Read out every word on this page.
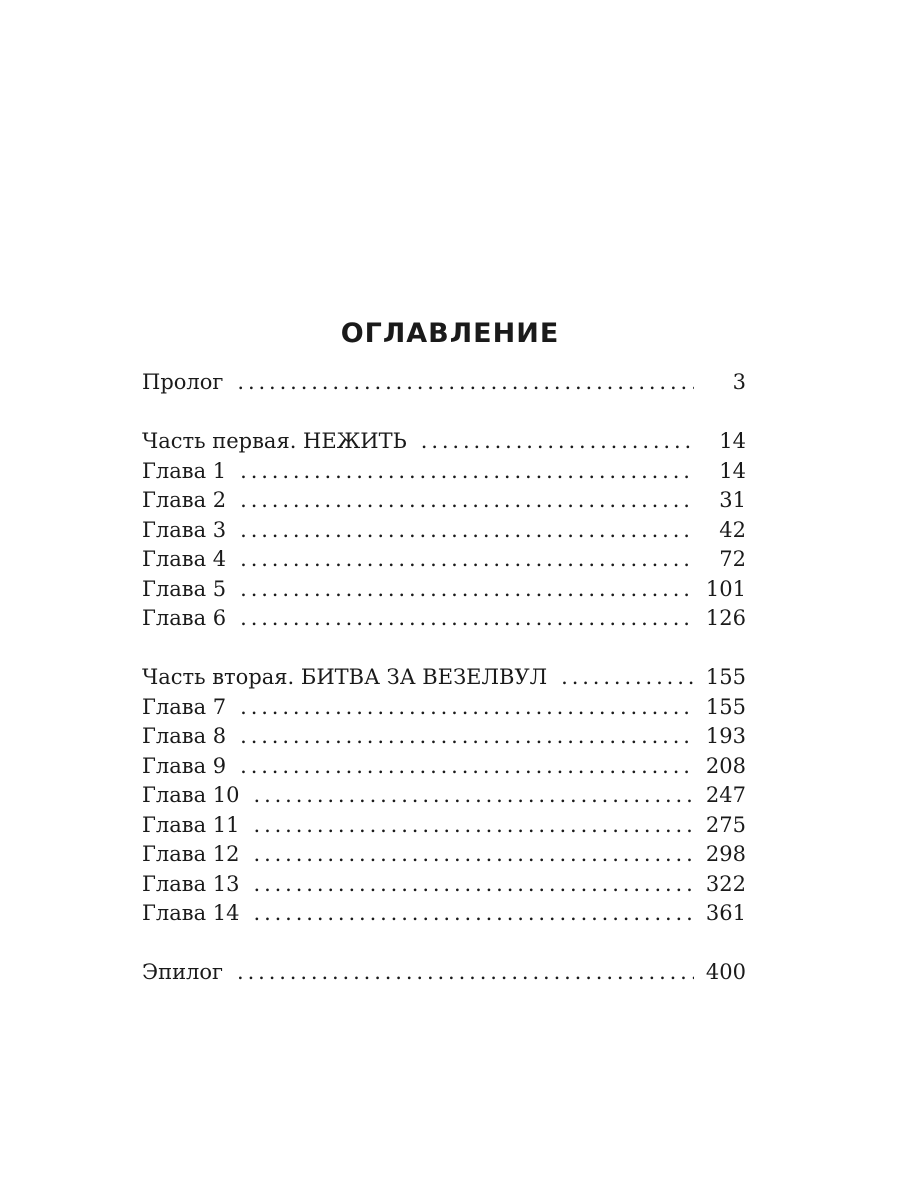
ОГЛАВЛЕНИЕ
Пролог . . .	3
Часть первая. НЕЖИТЬ . . .	14
Глава 1 . . .	14
Глава 2 . . .	31
Глава 3 . . .	42
Глава 4 . . .	72
Глава 5 . . .	101
Глава 6 . . .	126
Часть вторая. БИТВА ЗА ВЕЗЕЛВУЛ . . .	155
Глава 7 . . .	155
Глава 8 . . .	193
Глава 9 . . .	208
Глава 10 . . .	247
Глава 11 . . .	275
Глава 12 . . .	298
Глава 13 . . .	322
Глава 14 . . .	361
Эпилог . . .	400
